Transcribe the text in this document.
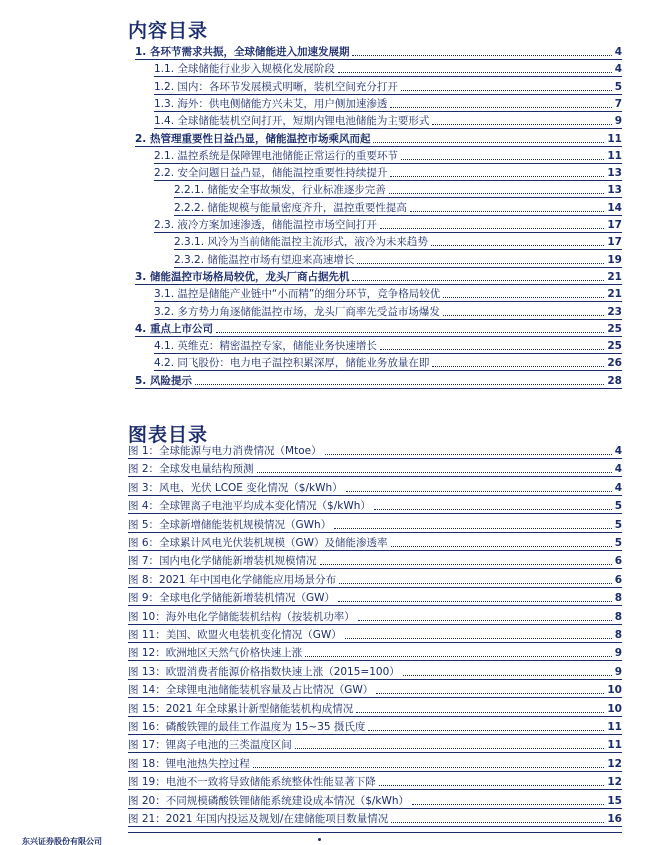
内容目录
1. 各环节需求共振，全球储能进入加速发展期	4
1.1. 全球储能行业步入规模化发展阶段	4
1.2. 国内：各环节发展模式明晰，装机空间充分打开	5
1.3. 海外：供电侧储能方兴未艾，用户侧加速渗透	7
1.4. 全球储能装机空间打开，短期内锂电池储能为主要形式	9
2. 热管理重要性日益凸显，储能温控市场乘风而起	11
2.1. 温控系统是保障锂电池储能正常运行的重要环节	11
2.2. 安全问题日益凸显，储能温控重要性持续提升	13
2.2.1. 储能安全事故频发，行业标准逐步完善	13
2.2.2. 储能规模与能量密度齐升，温控重要性提高	14
2.3. 液冷方案加速渗透，储能温控市场空间打开	17
2.3.1. 风冷为当前储能温控主流形式，液冷为未来趋势	17
2.3.2. 储能温控市场有望迎来高速增长	19
3. 储能温控市场格局较优，龙头厂商占据先机	21
3.1. 温控是储能产业链中“小而精”的细分环节，竞争格局较优	21
3.2. 多方势力角逐储能温控市场，龙头厂商率先受益市场爆发	23
4. 重点上市公司	25
4.1. 英维克：精密温控专家，储能业务快速增长	25
4.2. 同飞股份：电力电子温控积累深厚，储能业务放量在即	26
5. 风险提示	28
图表目录
图 1：全球能源与电力消费情况（Mtoe）	4
图 2：全球发电量结构预测	4
图 3：风电、光伏 LCOE 变化情况（$/kWh）	4
图 4：全球锂离子电池平均成本变化情况（$/kWh）	5
图 5：全球新增储能装机规模情况（GWh）	5
图 6：全球累计风电光伏装机规模（GW）及储能渗透率	5
图 7：国内电化学储能新增装机规模情况	6
图 8：2021 年中国电化学储能应用场景分布	6
图 9：全球电化学储能新增装机情况（GW）	8
图 10：海外电化学储能装机结构（按装机功率）	8
图 11：美国、欧盟火电装机变化情况（GW）	8
图 12：欧洲地区天然气价格快速上涨	9
图 13：欧盟消费者能源价格指数快速上涨（2015=100）	9
图 14：全球锂电池储能装机容量及占比情况（GW）	10
图 15：2021 年全球累计新型储能装机构成情况	10
图 16：磷酸铁锂的最佳工作温度为 15~35 摄氏度	11
图 17：锂离子电池的三类温度区间	11
图 18：锂电池热失控过程	12
图 19：电池不一致将导致储能系统整体性能显著下降	12
图 20：不同规模磷酸铁锂储能系统建设成本情况（$/kWh）	15
图 21：2021 年国内投运及规划/在建储能项目数量情况	16
东兴证券股份有限公司
